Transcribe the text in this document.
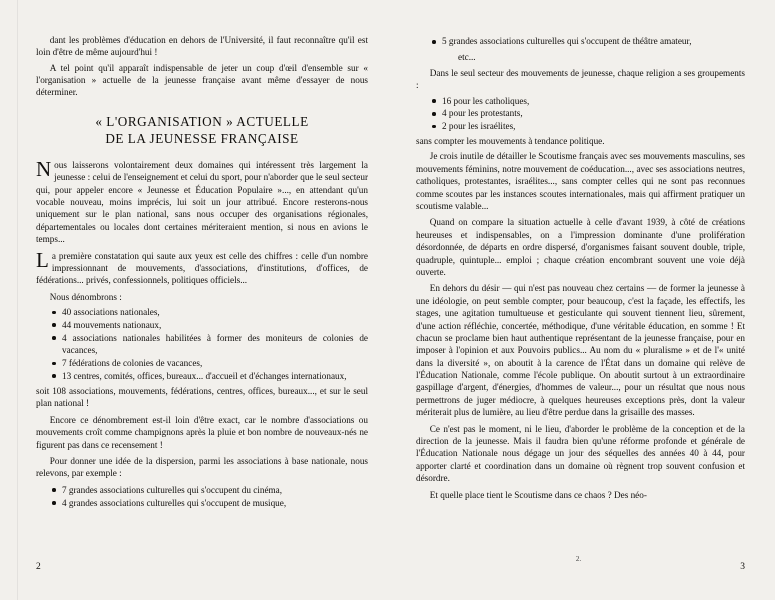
dant les problèmes d'éducation en dehors de l'Université, il faut reconnaître qu'il est loin d'être de même aujourd'hui !

A tel point qu'il apparaît indispensable de jeter un coup d'œil d'ensemble sur « l'organisation » actuelle de la jeunesse française avant même d'essayer de nous déterminer.

« L'ORGANISATION » ACTUELLE
DE LA JEUNESSE FRANÇAISE

Nous laisserons volontairement deux domaines qui intéressent très largement la jeunesse : celui de l'enseignement et celui du sport, pour n'aborder que le seul secteur qui, pour appeler encore « Jeunesse et Éducation Populaire »..., en attendant qu'un vocable nouveau, moins imprécis, lui soit un jour attribué. Encore resterons-nous uniquement sur le plan national, sans nous occuper des organisations régionales, départementales ou locales dont certaines mériteraient mention, si nous en avions le temps...

La première constatation qui saute aux yeux est celle des chiffres : celle d'un nombre impressionnant de mouvements, d'associations, d'institutions, d'offices, de fédérations... privés, confessionnels, politiques officiels...

Nous dénombrons :

40 associations nationales,
44 mouvements nationaux,
4 associations nationales habilitées à former des moniteurs de colonies de vacances,
7 fédérations de colonies de vacances,
13 centres, comités, offices, bureaux... d'accueil et d'échanges internationaux,

soit 108 associations, mouvements, fédérations, centres, offices, bureaux..., et sur le seul plan national !

Encore ce dénombrement est-il loin d'être exact, car le nombre d'associations ou mouvements croît comme champignons après la pluie et bon nombre de nouveaux-nés ne figurent pas dans ce recensement !

Pour donner une idée de la dispersion, parmi les associations à base nationale, nous relevons, par exemple :

7 grandes associations culturelles qui s'occupent du cinéma,
4 grandes associations culturelles qui s'occupent de musique,
2
5 grandes associations culturelles qui s'occupent de théâtre amateur,

etc...

Dans le seul secteur des mouvements de jeunesse, chaque religion a ses groupements :

16 pour les catholiques,
4 pour les protestants,
2 pour les israélites,

sans compter les mouvements à tendance politique.

Je crois inutile de détailler le Scoutisme français avec ses mouvements masculins, ses mouvements féminins, notre mouvement de coéducation..., avec ses associations neutres, catholiques, protestantes, israélites..., sans compter celles qui ne sont pas reconnues comme scoutes par les instances scoutes internationales, mais qui affirment pratiquer un scoutisme valable...

Quand on compare la situation actuelle à celle d'avant 1939, à côté de créations heureuses et indispensables, on a l'impression dominante d'une prolifération désordonnée, de départs en ordre dispersé, d'organismes faisant souvent double, triple, quadruple, quintuple... emploi ; chaque création encombrant souvent une voie déjà ouverte.

En dehors du désir — qui n'est pas nouveau chez certains — de former la jeunesse à une idéologie, on peut semble compter, pour beaucoup, c'est la façade, les effectifs, les stages, une agitation tumultueuse et gesticulante qui souvent tiennent lieu, sûrement, d'une action réfléchie, concertée, méthodique, d'une véritable éducation, en somme ! Et chacun se proclame bien haut authentique représentant de la jeunesse française, pour en imposer à l'opinion et aux Pouvoirs publics... Au nom du « pluralisme » et de l'« unité dans la diversité », on aboutit à la carence de l'État dans un domaine qui relève de l'Éducation Nationale, comme l'école publique. On aboutit surtout à un extraordinaire gaspillage d'argent, d'énergies, d'hommes de valeur..., pour un résultat que nous nous permettrons de juger médiocre, à quelques heureuses exceptions près, dont la valeur mériterait plus de lumière, au lieu d'être perdue dans la grisaille des masses.

Ce n'est pas le moment, ni le lieu, d'aborder le problème de la conception et de la direction de la jeunesse. Mais il faudra bien qu'une réforme profonde et générale de l'Éducation Nationale nous dégage un jour des séquelles des années 40 à 44, pour apporter clarté et coordination dans un domaine où règnent trop souvent confusion et désordre.

Et quelle place tient le Scoutisme dans ce chaos ? Des néo-

3
2.
